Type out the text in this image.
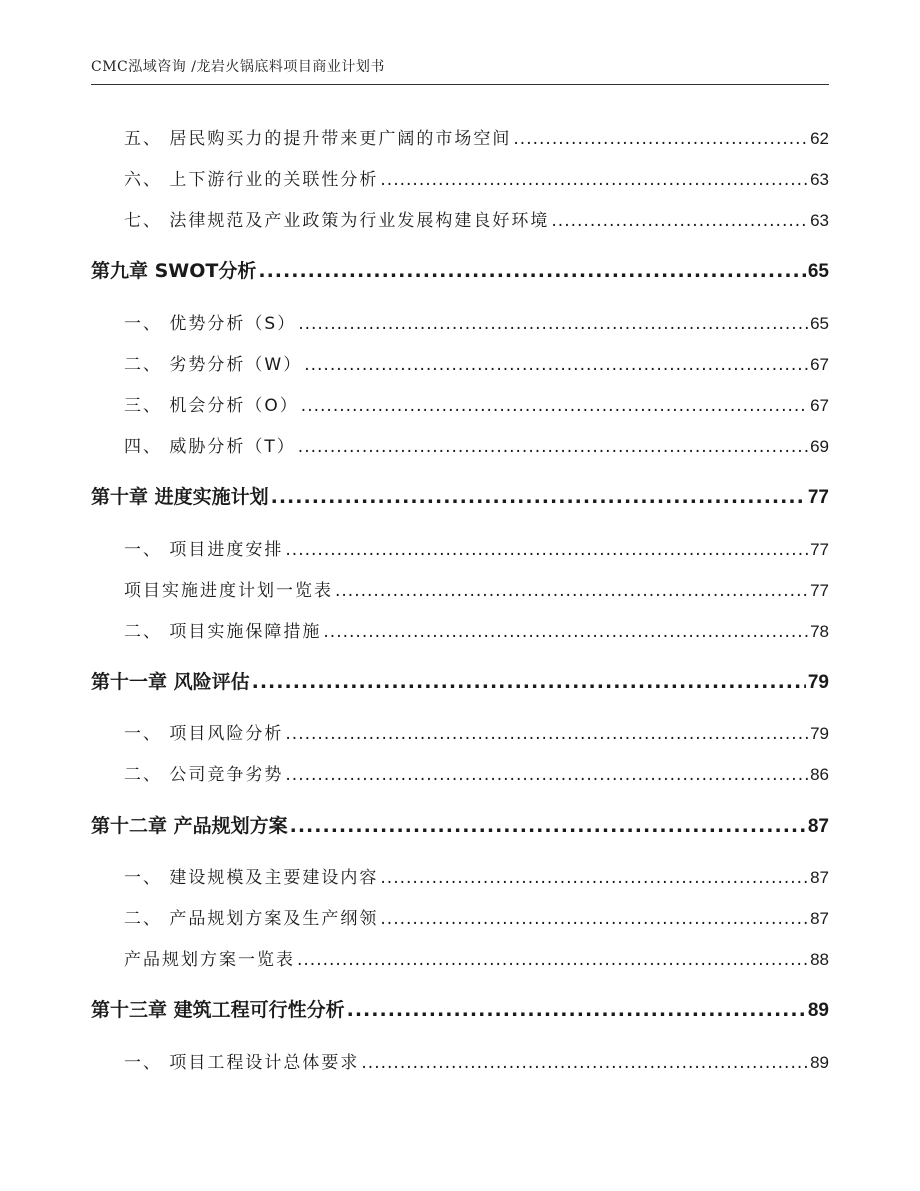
CMC泓域咨询 /龙岩火锅底料项目商业计划书
五、 居民购买力的提升带来更广阔的市场空间 .....	62
六、 上下游行业的关联性分析 .....	63
七、 法律规范及产业政策为行业发展构建良好环境 .....	63
第九章 SWOT分析 .....	65
一、 优势分析（S） .....	65
二、 劣势分析（W） .....	67
三、 机会分析（O） .....	67
四、 威胁分析（T） .....	69
第十章 进度实施计划 .....	77
一、 项目进度安排 .....	77
项目实施进度计划一览表 .....	77
二、 项目实施保障措施 .....	78
第十一章 风险评估 .....	79
一、 项目风险分析 .....	79
二、 公司竞争劣势 .....	86
第十二章 产品规划方案 .....	87
一、 建设规模及主要建设内容 .....	87
二、 产品规划方案及生产纲领 .....	87
产品规划方案一览表 .....	88
第十三章 建筑工程可行性分析 .....	89
一、 项目工程设计总体要求 .....	89
